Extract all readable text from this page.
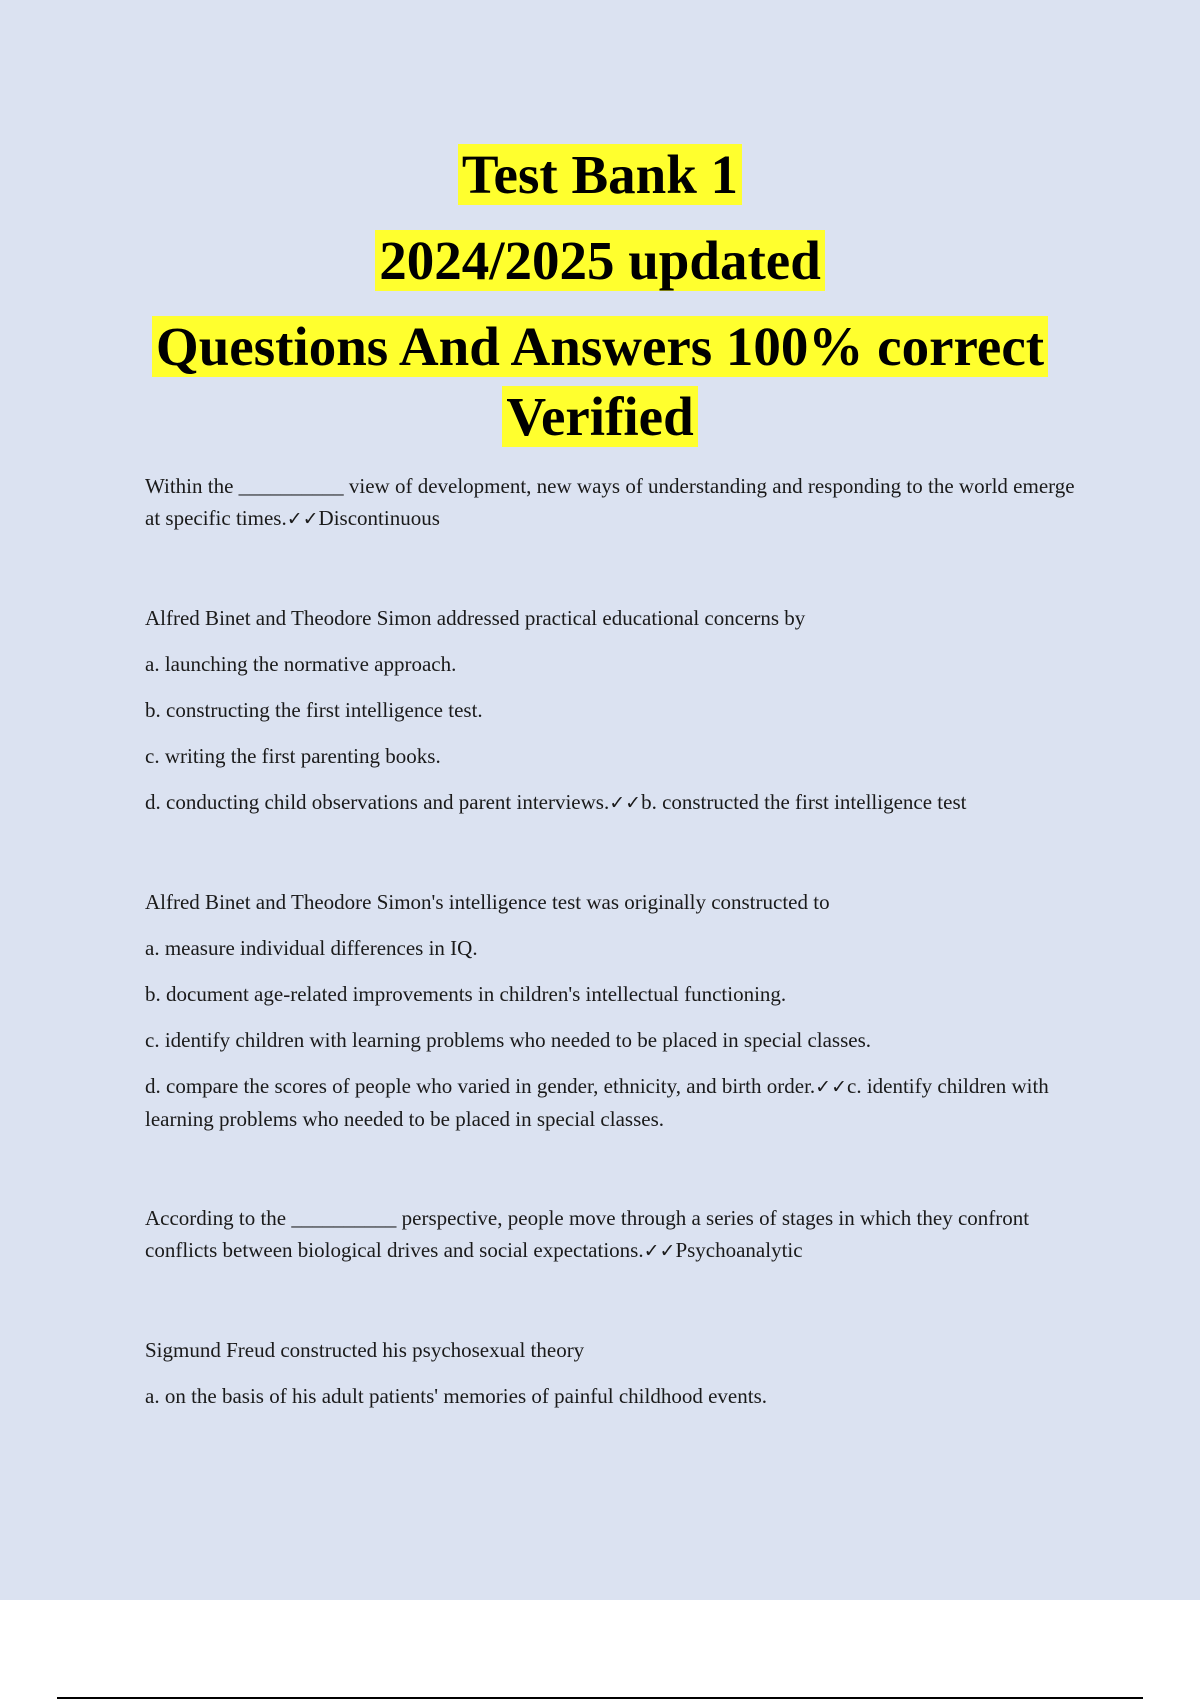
Test Bank 1
2024/2025 updated
Questions And Answers 100% correct
Verified

Within the __________ view of development, new ways of understanding and responding to the world emerge at specific times.✓✓Discontinuous

Alfred Binet and Theodore Simon addressed practical educational concerns by

a. launching the normative approach.

b. constructing the first intelligence test.

c. writing the first parenting books.

d. conducting child observations and parent interviews.✓✓b. constructed the first intelligence test

Alfred Binet and Theodore Simon's intelligence test was originally constructed to

a. measure individual differences in IQ.

b. document age-related improvements in children's intellectual functioning.

c. identify children with learning problems who needed to be placed in special classes.

d. compare the scores of people who varied in gender, ethnicity, and birth order.✓✓c. identify children with learning problems who needed to be placed in special classes.

According to the __________ perspective, people move through a series of stages in which they confront conflicts between biological drives and social expectations.✓✓Psychoanalytic

Sigmund Freud constructed his psychosexual theory

a. on the basis of his adult patients' memories of painful childhood events.
